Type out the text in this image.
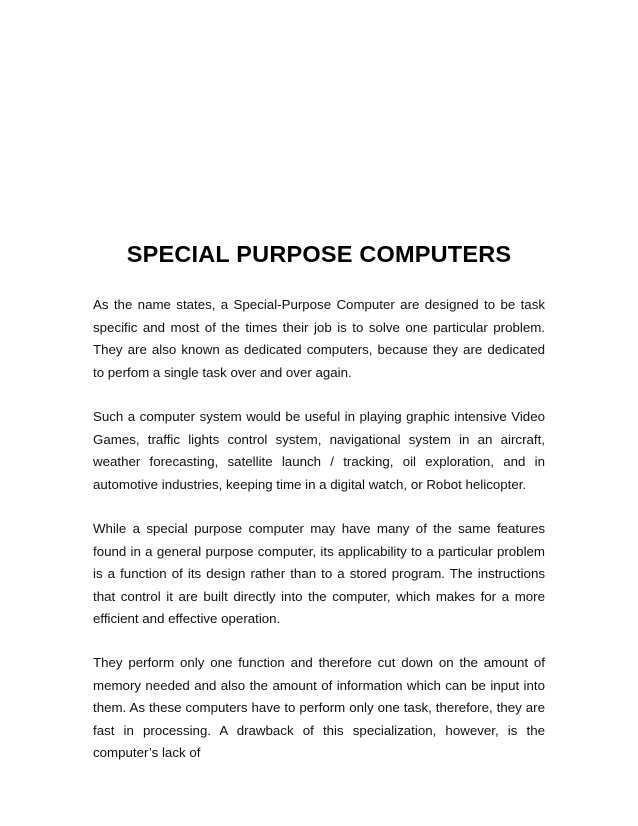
SPECIAL PURPOSE COMPUTERS

As the name states, a Special-Purpose Computer are designed to be task specific and most of the times their job is to solve one particular problem. They are also known as dedicated computers, because they are dedicated to perfom a single task over and over again.

Such a computer system would be useful in playing graphic intensive Video Games, traffic lights control system, navigational system in an aircraft, weather forecasting, satellite launch / tracking, oil exploration, and in automotive industries, keeping time in a digital watch, or Robot helicopter.

While a special purpose computer may have many of the same features found in a general purpose computer, its applicability to a particular problem is a function of its design rather than to a stored program. The instructions that control it are built directly into the computer, which makes for a more efficient and effective operation.

They perform only one function and therefore cut down on the amount of memory needed and also the amount of information which can be input into them. As these computers have to perform only one task, therefore, they are fast in processing. A drawback of this specialization, however, is the computer’s lack of
